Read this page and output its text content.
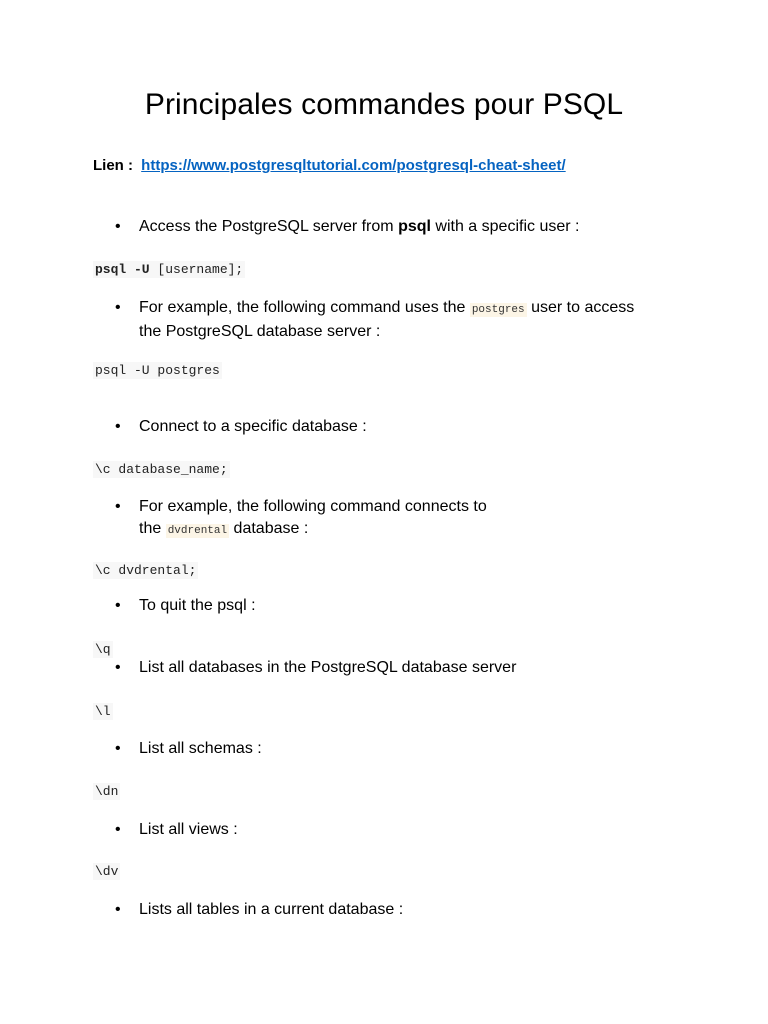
Principales commandes pour PSQL
Lien : https://www.postgresqltutorial.com/postgresql-cheat-sheet/
• Access the PostgreSQL server from psql with a specific user :
psql -U [username];
• For example, the following command uses the postgres user to access
the PostgreSQL database server :
psql -U postgres
• Connect to a specific database :
\c database_name;
• For example, the following command connects to
the dvdrental database :
\c dvdrental;
• To quit the psql :
\q
• List all databases in the PostgreSQL database server
\l
• List all schemas :
\dn
• List all views :
\dv
• Lists all tables in a current database :
